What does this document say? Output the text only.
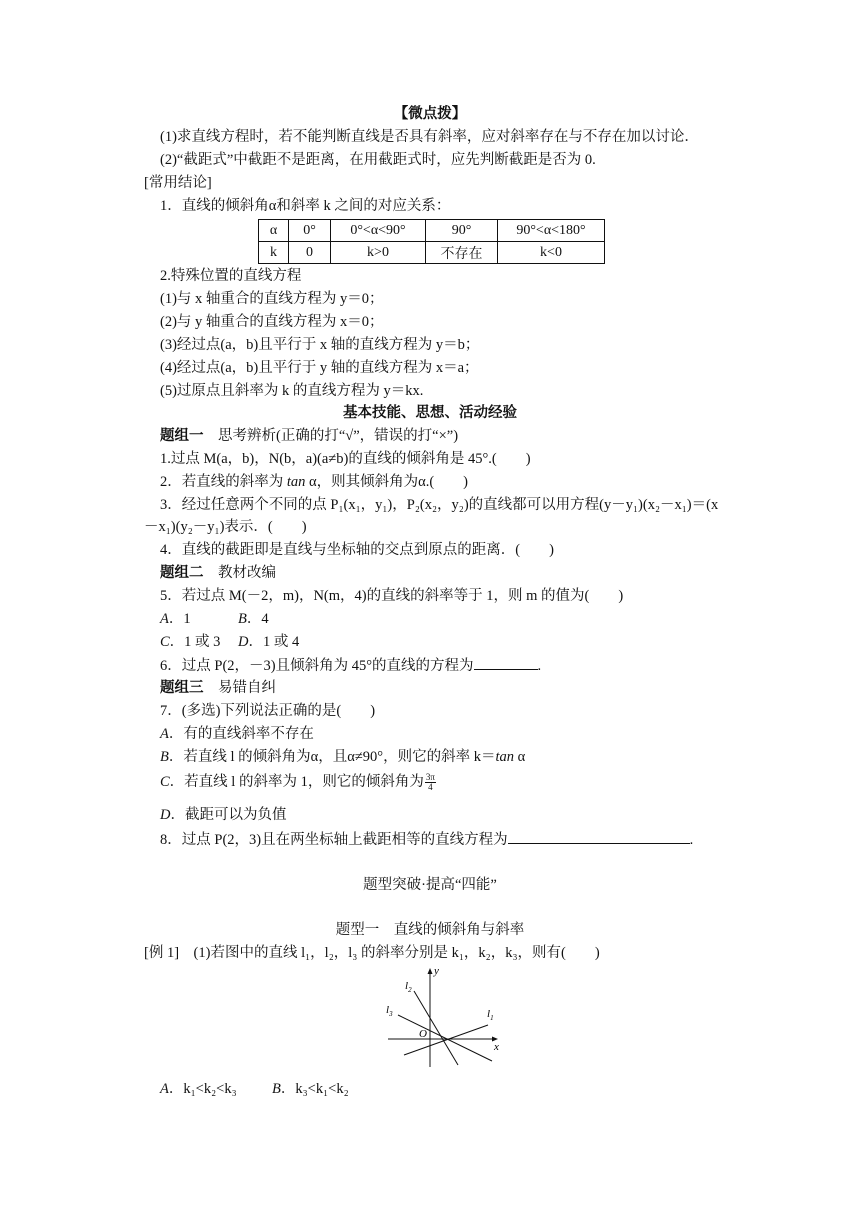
【微点拨】
(1)求直线方程时，若不能判断直线是否具有斜率，应对斜率存在与不存在加以讨论．
(2)“截距式”中截距不是距离，在用截距式时，应先判断截距是否为 0.
[常用结论]
1．直线的倾斜角α和斜率 k 之间的对应关系：
α	0°	0°<α<90°	90°	90°<α<180°
k	0	k>0	不存在	k<0
2.特殊位置的直线方程
(1)与 x 轴重合的直线方程为 y＝0；
(2)与 y 轴重合的直线方程为 x＝0；
(3)经过点(a，b)且平行于 x 轴的直线方程为 y＝b；
(4)经过点(a，b)且平行于 y 轴的直线方程为 x＝a；
(5)过原点且斜率为 k 的直线方程为 y＝kx.
基本技能、思想、活动经验
题组一　 思考辨析(正确的打“√”，错误的打“×”)
1.过点 M(a，b)，N(b，a)(a≠b)的直线的倾斜角是 45°.(　　)
2．若直线的斜率为 tan α，则其倾斜角为α.(　　)
3．经过任意两个不同的点 P₁(x₁，y₁)，P₂(x₂，y₂)的直线都可以用方程(y－y₁)(x₂－x₁)＝(x
－x₁)(y₂－y₁)表示．(　　)
4．直线的截距即是直线与坐标轴的交点到原点的距离．(　　)
题组二　 教材改编
5．若过点 M(－2，m)，N(m，4)的直线的斜率等于 1，则 m 的值为(　　)
A．1	B．4
C．1 或 3 D．1 或 4
6．过点 P(2，－3)且倾斜角为 45°的直线的方程为	.
题组三　 易错自纠
7．(多选)下列说法正确的是(　　)
A．有的直线斜率不存在
B．若直线 l 的倾斜角为α，且α≠90°，则它的斜率 k＝tan α
C．若直线 l 的斜率为 1，则它的倾斜角为 $\frac{3\pi}{4}$
D．截距可以为负值
8．过点 P(2，3)且在两坐标轴上截距相等的直线方程为	.
题型突破·提高“四能”
题型一　直线的倾斜角与斜率
[例 1]　 (1)若图中的直线 l₁，l₂，l₃ 的斜率分别是 k₁，k₂，k₃，则有(　　)
$l_2$
$l_3$	$l_1$
O
x
y
A．k₁<k₂<k₃ B．k₃<k₁<k₂
